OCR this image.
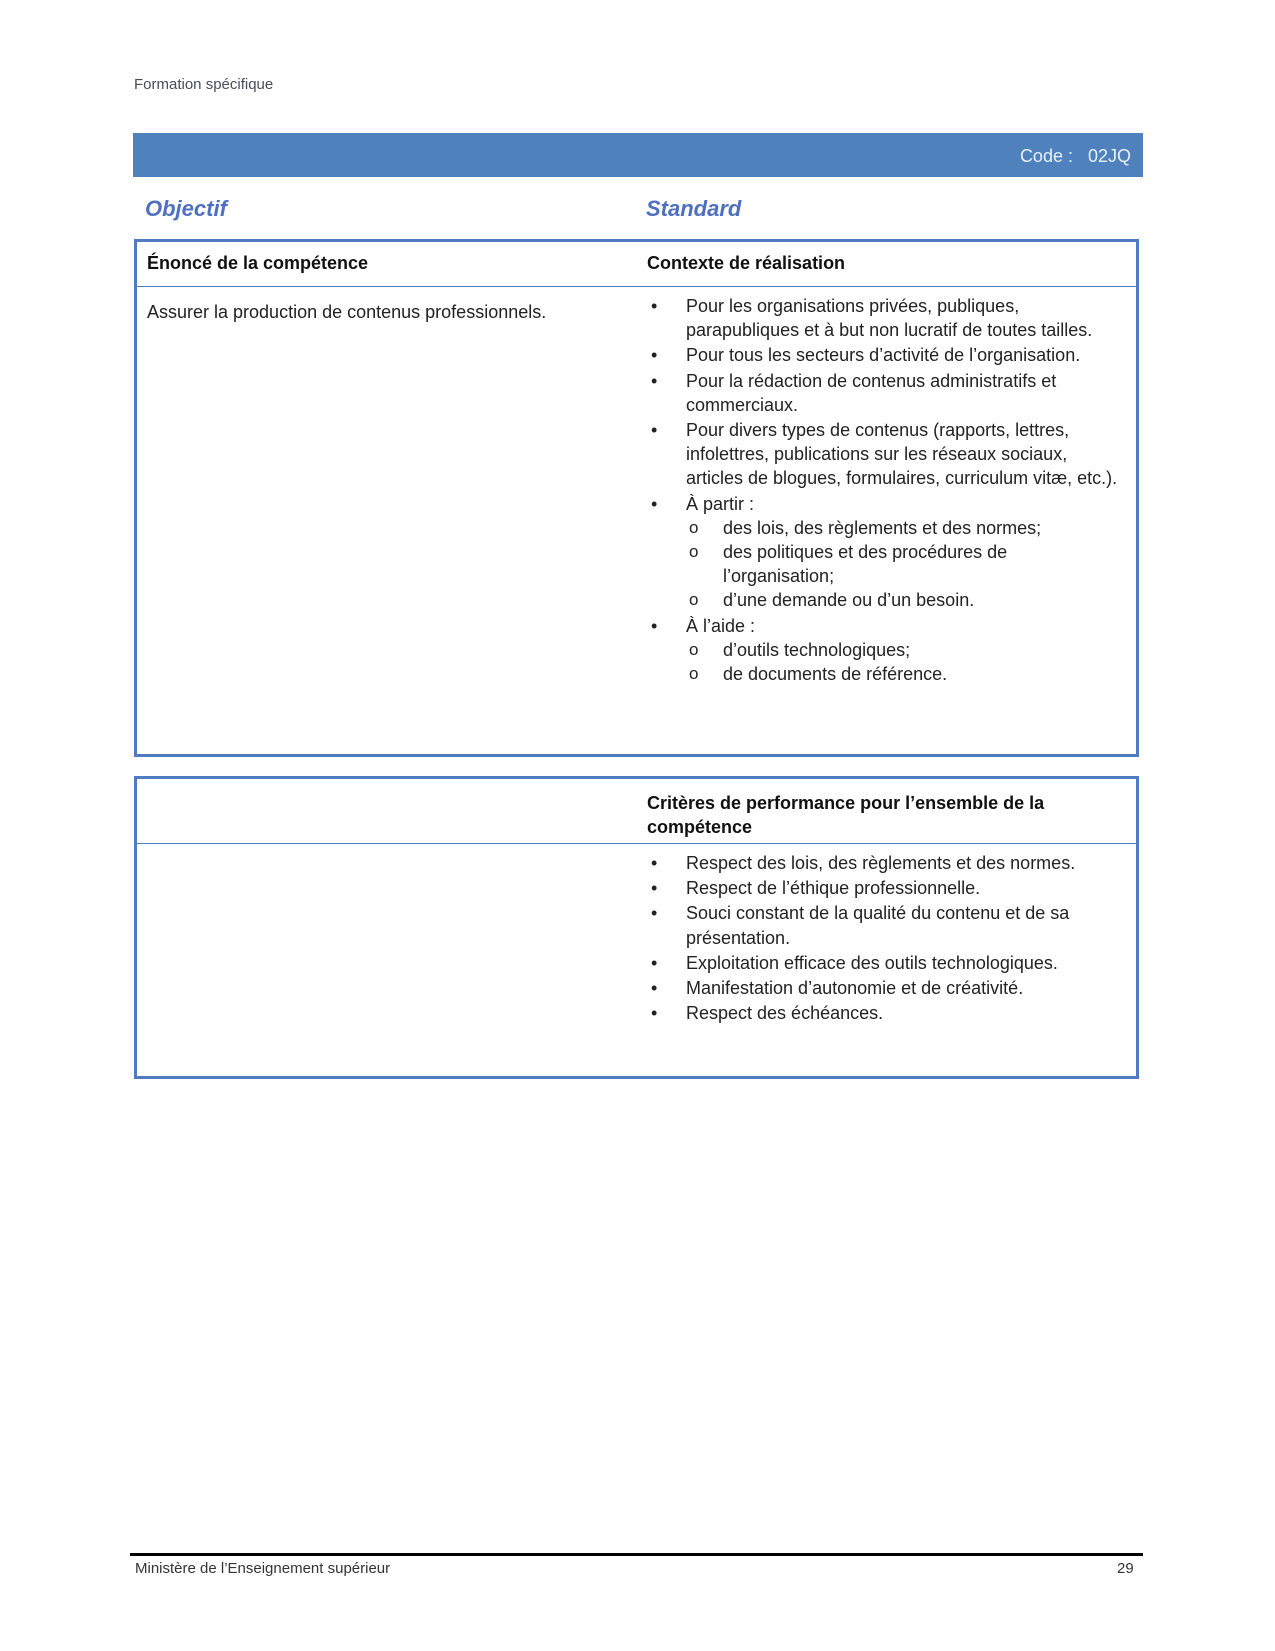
Formation spécifique

Code :   02JQ

Objectif	Standard

Énoncé de la compétence	Contexte de réalisation

Assurer la production de contenus professionnels.

•	Pour les organisations privées, publiques, parapubliques et à but non lucratif de toutes tailles.
• Pour tous les secteurs d’activité de l’organisation.
• Pour la rédaction de contenus administratifs et commerciaux.
• Pour divers types de contenus (rapports, lettres, infolettres, publications sur les réseaux sociaux, articles de blogues, formulaires, curriculum vitæ, etc.).
• À partir :
o des lois, des règlements et des normes;
o des politiques et des procédures de l’organisation;
o d’une demande ou d’un besoin.
• À l’aide :
o d’outils technologiques;
o de documents de référence.
Critères de performance pour l’ensemble de la compétence
• Respect des lois, des règlements et des normes.
• Respect de l’éthique professionnelle.
• Souci constant de la qualité du contenu et de sa présentation.
• Exploitation efficace des outils technologiques.
• Manifestation d’autonomie et de créativité.
• Respect des échéances.
Ministère de l’Enseignement supérieur	29
